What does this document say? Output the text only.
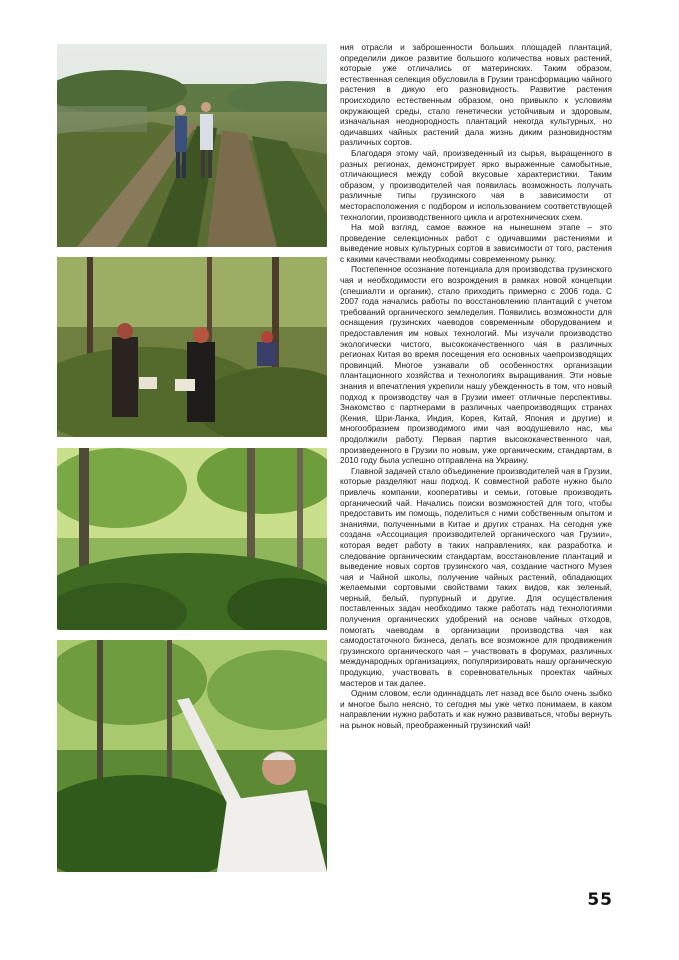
ния отрасли и заброшенности больших площадей плантаций, определили дикое развитие большого количества новых растений, которые уже отличались от материнских. Таким образом, естественная селекция обусловила в Грузии трансформацию чайного растения в дикую его разновидность. Развитие растения происходило естественным образом, оно привыкло к условиям окружающей среды, стало генетически устойчивым и здоровым, изначальная неоднородность плантаций некогда культурных, но одичавших чайных растений дала жизнь диким разновидностям различных сортов.

Благодаря этому чай, произведенный из сырья, выращенного в разных регионах, демонстрирует ярко выраженные самобытные, отличающиеся между собой вкусовые характеристики. Таким образом, у производителей чая появилась возможность получать различные типы грузинского чая в зависимости от месторасположения с подбором и использованием соответствующей технологии, производственного цикла и агротехнических схем.

На мой взгляд, самое важное на нынешнем этапе – это проведение селекционных работ с одичавшими растениями и выведение новых культурных сортов в зависимости от того, растения с какими качествами необходимы современному рынку.

Постепенное осознание потенциала для производства грузинского чая и необходимости его возрождения в рамках новой концепции (спешиалти и органик), стало приходить примерно с 2006 года. С 2007 года начались работы по восстановлению плантаций с учетом требований органического земледелия. Появились возможности для оснащения грузинских чаеводов современным оборудованием и предоставления им новых технологий. Мы изучали производство экологически чистого, высококачественного чая в различных регионах Китая во время посещения его основных чаепроизводящих провинций. Многое узнавали об особенностях организации плантационного хозяйства и технологиях выращивания. Эти новые знания и впечатления укрепили нашу убежденность в том, что новый подход к производству чая в Грузии имеет отличные перспективы. Знакомство с партнерами в различных чаепроизводящих странах (Кения, Шри-Ланка, Индия, Корея, Китай, Япония и другие) и многообразием производимого ими чая воодушевило нас, мы продолжили работу. Первая партия высококачественного чая, произведенного в Грузии по новым, уже органическим, стандартам, в 2010 году была успешно отправлена на Украину.

Главной задачей стало объединение производителей чая в Грузии, которые разделяют наш подход. К совместной работе нужно было привлечь компании, кооперативы и семьи, готовые производить органический чай. Начались поиски возможностей для того, чтобы предоставить им помощь, поделиться с ними собственным опытом и знаниями, полученными в Китае и других странах. На сегодня уже создана «Ассоциация производителей органического чая Грузии», которая ведет работу в таких направлениях, как разработка и следование органическим стандартам, восстановление плантаций и выведение новых сортов грузинского чая, создание частного Музея чая и Чайной школы, получение чайных растений, обладающих желаемыми сортовыми свойствами таких видов, как зеленый, черный, белый, пурпурный и другие. Для осуществления поставленных задач необходимо также работать над технологиями получения органических удобрений на основе чайных отходов, помогать чаеводам в организации производства чая как самодостаточного бизнеса, делать все возможное для продвижения грузинского органического чая – участвовать в форумах, различных международных организациях, популяризировать нашу органическую продукцию, участвовать в соревновательных проектах чайных мастеров и так далее.

Одним словом, если одиннадцать лет назад все было очень зыбко и многое было неясно, то сегодня мы уже четко понимаем, в каком направлении нужно работать и как нужно развиваться, чтобы вернуть на рынок новый, преображенный грузинский чай!

55
